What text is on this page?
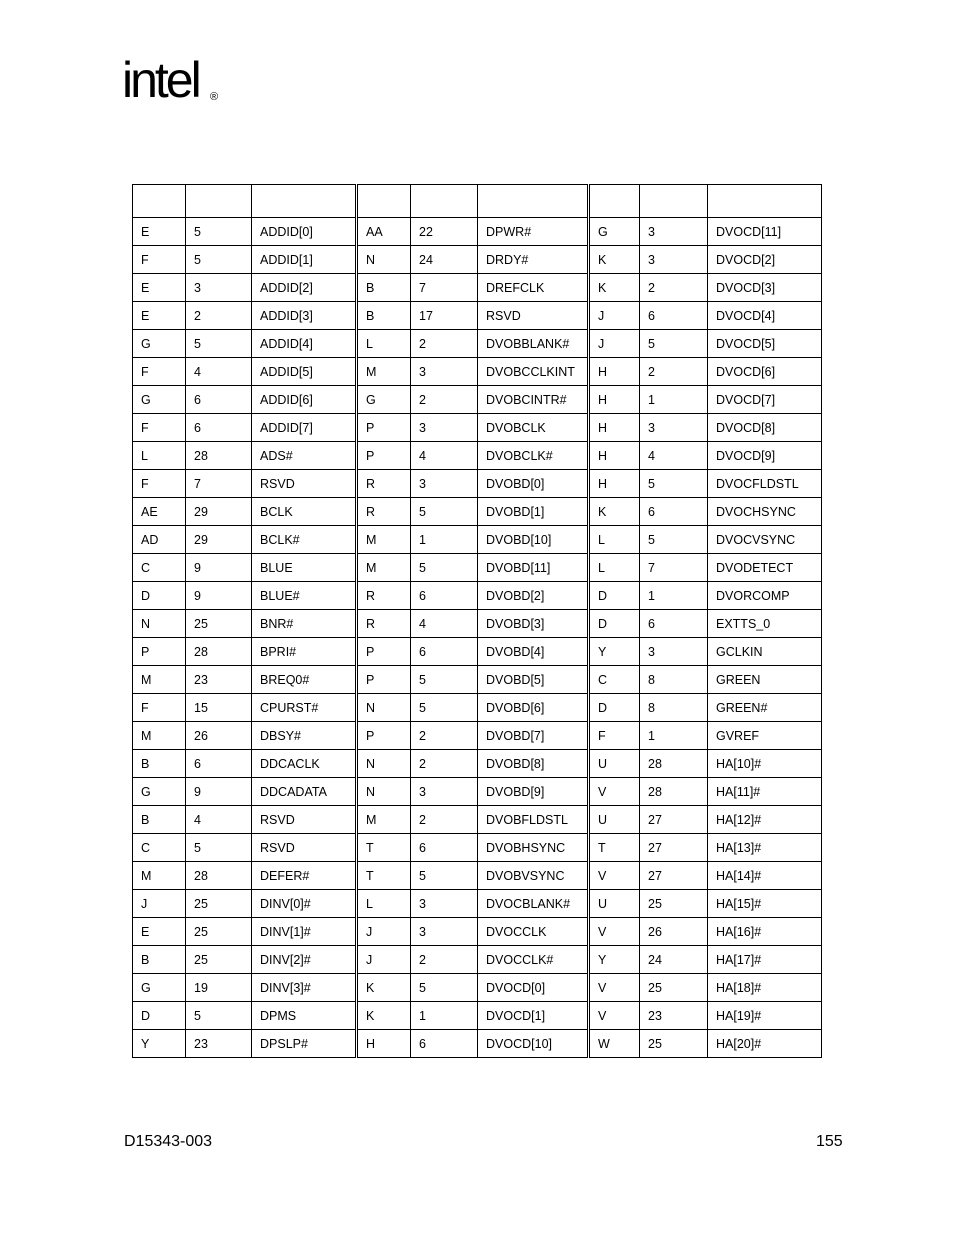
intel ®

E	5	ADDID[0]	AA	22	DPWR#	G	3	DVOCD[11]
F	5	ADDID[1]	N	24	DRDY#	K	3	DVOCD[2]
E	3	ADDID[2]	B	7	DREFCLK	K	2	DVOCD[3]
E	2	ADDID[3]	B	17	RSVD	J	6	DVOCD[4]
G	5	ADDID[4]	L	2	DVOBBLANK#	J	5	DVOCD[5]
F	4	ADDID[5]	M	3	DVOBCCLKINT	H	2	DVOCD[6]
G	6	ADDID[6]	G	2	DVOBCINTR#	H	1	DVOCD[7]
F	6	ADDID[7]	P	3	DVOBCLK	H	3	DVOCD[8]
L	28	ADS#	P	4	DVOBCLK#	H	4	DVOCD[9]
F	7	RSVD	R	3	DVOBD[0]	H	5	DVOCFLDSTL
AE	29	BCLK	R	5	DVOBD[1]	K	6	DVOCHSYNC
AD	29	BCLK#	M	1	DVOBD[10]	L	5	DVOCVSYNC
C	9	BLUE	M	5	DVOBD[11]	L	7	DVODETECT
D	9	BLUE#	R	6	DVOBD[2]	D	1	DVORCOMP
N	25	BNR#	R	4	DVOBD[3]	D	6	EXTTS_0
P	28	BPRI#	P	6	DVOBD[4]	Y	3	GCLKIN
M	23	BREQ0#	P	5	DVOBD[5]	C	8	GREEN
F	15	CPURST#	N	5	DVOBD[6]	D	8	GREEN#
M	26	DBSY#	P	2	DVOBD[7]	F	1	GVREF
B	6	DDCACLK	N	2	DVOBD[8]	U	28	HA[10]#
G	9	DDCADATA	N	3	DVOBD[9]	V	28	HA[11]#
B	4	RSVD	M	2	DVOBFLDSTL	U	27	HA[12]#
C	5	RSVD	T	6	DVOBHSYNC	T	27	HA[13]#
M	28	DEFER#	T	5	DVOBVSYNC	V	27	HA[14]#
J	25	DINV[0]#	L	3	DVOCBLANK#	U	25	HA[15]#
E	25	DINV[1]#	J	3	DVOCCLK	V	26	HA[16]#
B	25	DINV[2]#	J	2	DVOCCLK#	Y	24	HA[17]#
G	19	DINV[3]#	K	5	DVOCD[0]	V	25	HA[18]#
D	5	DPMS	K	1	DVOCD[1]	V	23	HA[19]#
Y	23	DPSLP#	H	6	DVOCD[10]	W	25	HA[20]#
D15343-003	155
